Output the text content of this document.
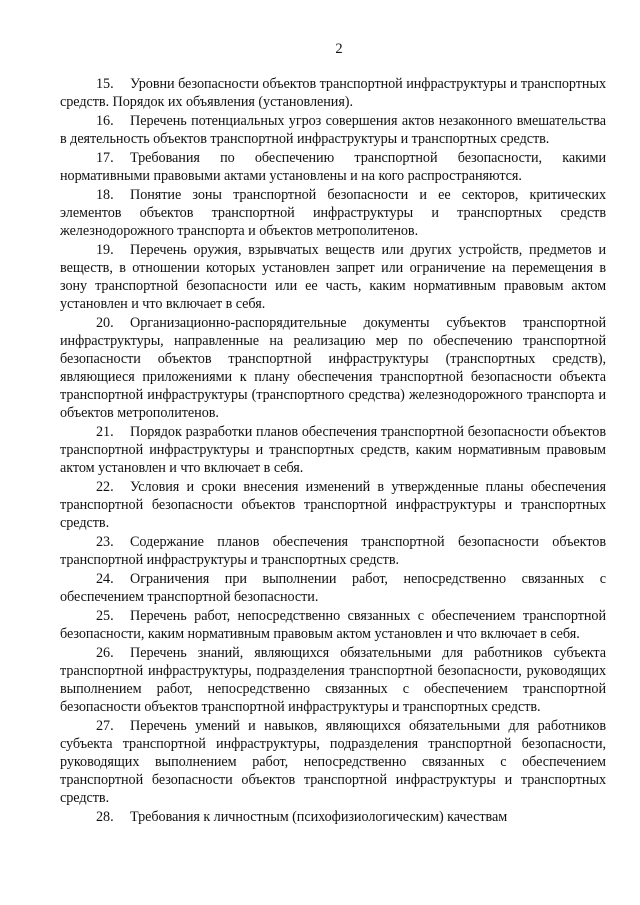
2

15. Уровни безопасности объектов транспортной инфраструктуры и транспортных средств. Порядок их объявления (установления).

16. Перечень потенциальных угроз совершения актов незаконного вмешательства в деятельность объектов транспортной инфраструктуры и транспортных средств.

17. Требования по обеспечению транспортной безопасности, какими нормативными правовыми актами установлены и на кого распространяются.

18. Понятие зоны транспортной безопасности и ее секторов, критических элементов объектов транспортной инфраструктуры и транспортных средств железнодорожного транспорта и объектов метрополитенов.

19. Перечень оружия, взрывчатых веществ или других устройств, предметов и веществ, в отношении которых установлен запрет или ограничение на перемещения в зону транспортной безопасности или ее часть, каким нормативным правовым актом установлен и что включает в себя.

20. Организационно-распорядительные документы субъектов транспортной инфраструктуры, направленные на реализацию мер по обеспечению транспортной безопасности объектов транспортной инфраструктуры (транспортных средств), являющиеся приложениями к плану обеспечения транспортной безопасности объекта транспортной инфраструктуры (транспортного средства) железнодорожного транспорта и объектов метрополитенов.

21. Порядок разработки планов обеспечения транспортной безопасности объектов транспортной инфраструктуры и транспортных средств, каким нормативным правовым актом установлен и что включает в себя.

22. Условия и сроки внесения изменений в утвержденные планы обеспечения транспортной безопасности объектов транспортной инфраструктуры и транспортных средств.

23. Содержание планов обеспечения транспортной безопасности объектов транспортной инфраструктуры и транспортных средств.

24. Ограничения при выполнении работ, непосредственно связанных с обеспечением транспортной безопасности.

25. Перечень работ, непосредственно связанных с обеспечением транспортной безопасности, каким нормативным правовым актом установлен и что включает в себя.

26. Перечень знаний, являющихся обязательными для работников субъекта транспортной инфраструктуры, подразделения транспортной безопасности, руководящих выполнением работ, непосредственно связанных с обеспечением транспортной безопасности объектов транспортной инфраструктуры и транспортных средств.

27. Перечень умений и навыков, являющихся обязательными для работников субъекта транспортной инфраструктуры, подразделения транспортной безопасности, руководящих выполнением работ, непосредственно связанных с обеспечением транспортной безопасности объектов транспортной инфраструктуры и транспортных средств.

28. Требования к личностным (психофизиологическим) качествам
